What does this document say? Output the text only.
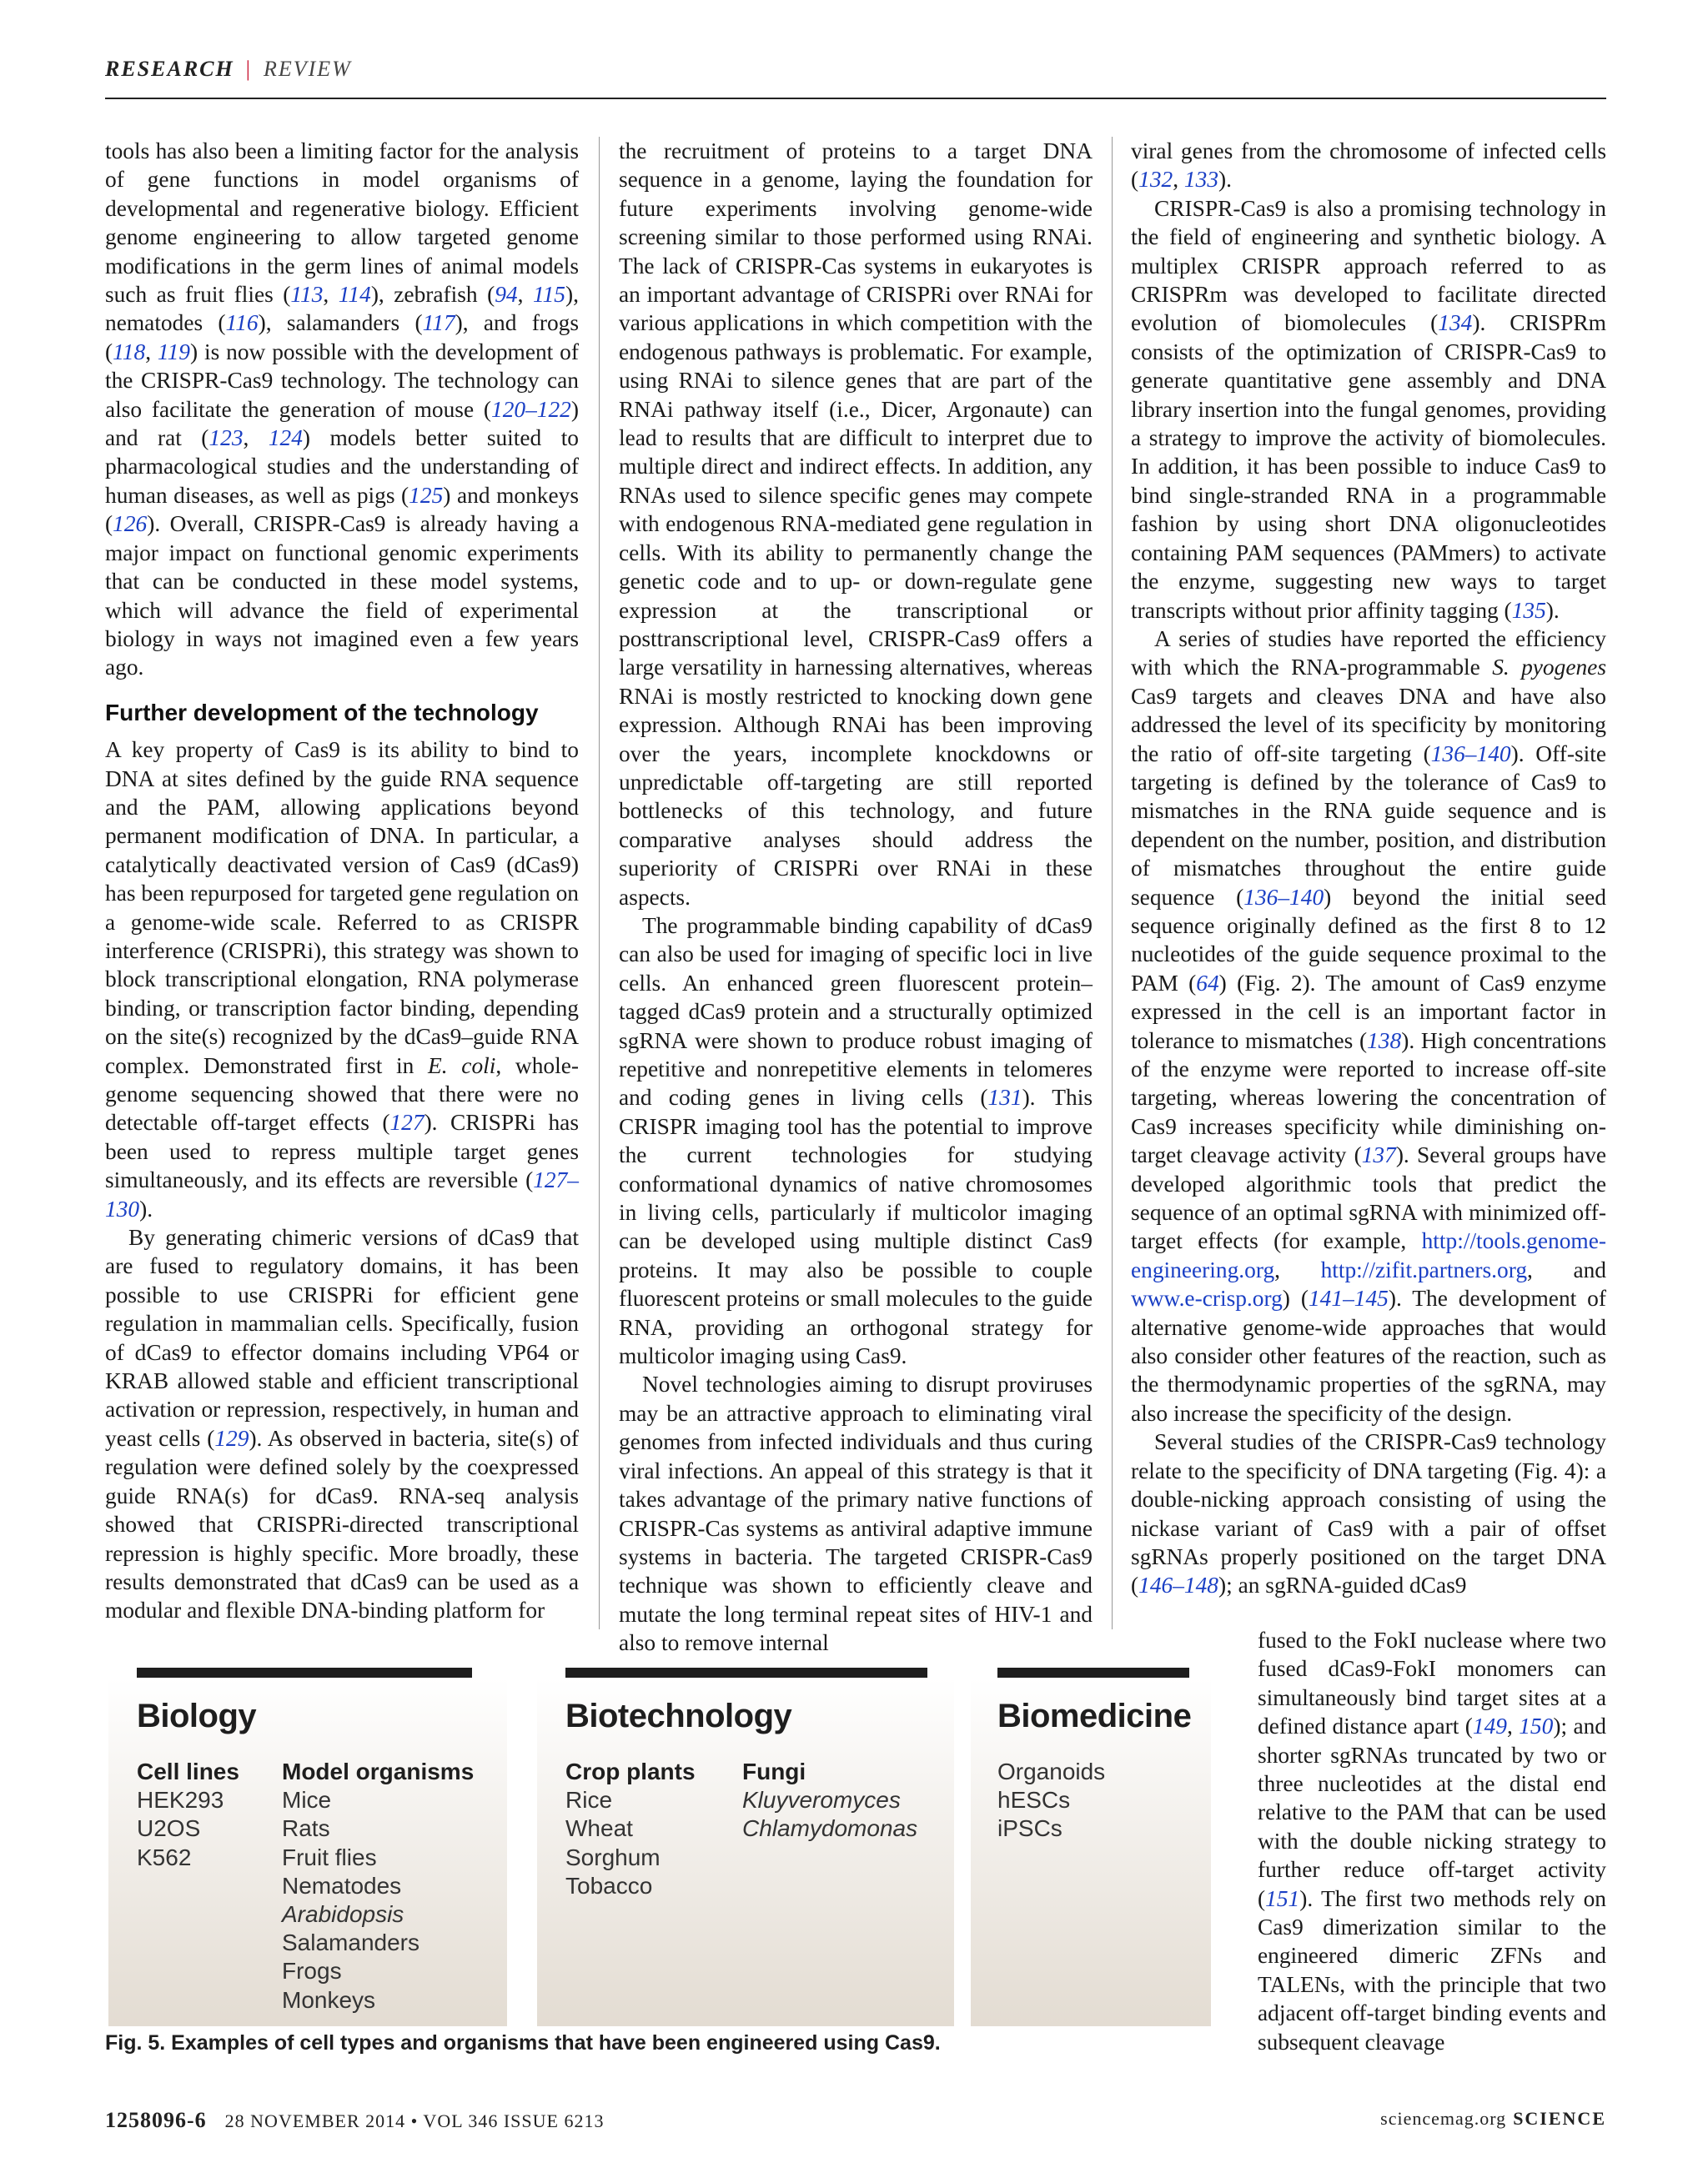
RESEARCH | REVIEW

tools has also been a limiting factor for the analysis of gene functions in model organisms of developmental and regenerative biology. Efficient genome engineering to allow targeted genome modifications in the germ lines of animal models such as fruit flies (113, 114), zebrafish (94, 115), nematodes (116), salamanders (117), and frogs (118, 119) is now possible with the development of the CRISPR-Cas9 technology. The technology can also facilitate the generation of mouse (120–122) and rat (123, 124) models better suited to pharmacological studies and the understanding of human diseases, as well as pigs (125) and monkeys (126). Overall, CRISPR-Cas9 is already having a major impact on functional genomic experiments that can be conducted in these model systems, which will advance the field of experimental biology in ways not imagined even a few years ago.

Further development of the technology

A key property of Cas9 is its ability to bind to DNA at sites defined by the guide RNA sequence and the PAM, allowing applications beyond permanent modification of DNA. In particular, a catalytically deactivated version of Cas9 (dCas9) has been repurposed for targeted gene regulation on a genome-wide scale. Referred to as CRISPR interference (CRISPRi), this strategy was shown to block transcriptional elongation, RNA polymerase binding, or transcription factor binding, depending on the site(s) recognized by the dCas9–guide RNA complex. Demonstrated first in E. coli, whole-genome sequencing showed that there were no detectable off-target effects (127). CRISPRi has been used to repress multiple target genes simultaneously, and its effects are reversible (127–130).

By generating chimeric versions of dCas9 that are fused to regulatory domains, it has been possible to use CRISPRi for efficient gene regulation in mammalian cells. Specifically, fusion of dCas9 to effector domains including VP64 or KRAB allowed stable and efficient transcriptional activation or repression, respectively, in human and yeast cells (129). As observed in bacteria, site(s) of regulation were defined solely by the coexpressed guide RNA(s) for dCas9. RNA-seq analysis showed that CRISPRi-directed transcriptional repression is highly specific. More broadly, these results demonstrated that dCas9 can be used as a modular and flexible DNA-binding platform for

the recruitment of proteins to a target DNA sequence in a genome, laying the foundation for future experiments involving genome-wide screening similar to those performed using RNAi. The lack of CRISPR-Cas systems in eukaryotes is an important advantage of CRISPRi over RNAi for various applications in which competition with the endogenous pathways is problematic. For example, using RNAi to silence genes that are part of the RNAi pathway itself (i.e., Dicer, Argonaute) can lead to results that are difficult to interpret due to multiple direct and indirect effects. In addition, any RNAs used to silence specific genes may compete with endogenous RNA-mediated gene regulation in cells. With its ability to permanently change the genetic code and to up- or down-regulate gene expression at the transcriptional or posttranscriptional level, CRISPR-Cas9 offers a large versatility in harnessing alternatives, whereas RNAi is mostly restricted to knocking down gene expression. Although RNAi has been improving over the years, incomplete knockdowns or unpredictable off-targeting are still reported bottlenecks of this technology, and future comparative analyses should address the superiority of CRISPRi over RNAi in these aspects.

The programmable binding capability of dCas9 can also be used for imaging of specific loci in live cells. An enhanced green fluorescent protein–tagged dCas9 protein and a structurally optimized sgRNA were shown to produce robust imaging of repetitive and nonrepetitive elements in telomeres and coding genes in living cells (131). This CRISPR imaging tool has the potential to improve the current technologies for studying conformational dynamics of native chromosomes in living cells, particularly if multicolor imaging can be developed using multiple distinct Cas9 proteins. It may also be possible to couple fluorescent proteins or small molecules to the guide RNA, providing an orthogonal strategy for multicolor imaging using Cas9.

Novel technologies aiming to disrupt proviruses may be an attractive approach to eliminating viral genomes from infected individuals and thus curing viral infections. An appeal of this strategy is that it takes advantage of the primary native functions of CRISPR-Cas systems as antiviral adaptive immune systems in bacteria. The targeted CRISPR-Cas9 technique was shown to efficiently cleave and mutate the long terminal repeat sites of HIV-1 and also to remove internal

viral genes from the chromosome of infected cells (132, 133).

CRISPR-Cas9 is also a promising technology in the field of engineering and synthetic biology. A multiplex CRISPR approach referred to as CRISPRm was developed to facilitate directed evolution of biomolecules (134). CRISPRm consists of the optimization of CRISPR-Cas9 to generate quantitative gene assembly and DNA library insertion into the fungal genomes, providing a strategy to improve the activity of biomolecules. In addition, it has been possible to induce Cas9 to bind single-stranded RNA in a programmable fashion by using short DNA oligonucleotides containing PAM sequences (PAMmers) to activate the enzyme, suggesting new ways to target transcripts without prior affinity tagging (135).

A series of studies have reported the efficiency with which the RNA-programmable S. pyogenes Cas9 targets and cleaves DNA and have also addressed the level of its specificity by monitoring the ratio of off-site targeting (136–140). Off-site targeting is defined by the tolerance of Cas9 to mismatches in the RNA guide sequence and is dependent on the number, position, and distribution of mismatches throughout the entire guide sequence (136–140) beyond the initial seed sequence originally defined as the first 8 to 12 nucleotides of the guide sequence proximal to the PAM (64) (Fig. 2). The amount of Cas9 enzyme expressed in the cell is an important factor in tolerance to mismatches (138). High concentrations of the enzyme were reported to increase off-site targeting, whereas lowering the concentration of Cas9 increases specificity while diminishing on-target cleavage activity (137). Several groups have developed algorithmic tools that predict the sequence of an optimal sgRNA with minimized off-target effects (for example, http://tools.genome-engineering.org, http://zifit.partners.org, and www.e-crisp.org) (141–145). The development of alternative genome-wide approaches that would also consider other features of the reaction, such as the thermodynamic properties of the sgRNA, may also increase the specificity of the design.

Several studies of the CRISPR-Cas9 technology relate to the specificity of DNA targeting (Fig. 4): a double-nicking approach consisting of using the nickase variant of Cas9 with a pair of offset sgRNAs properly positioned on the target DNA (146–148); an sgRNA-guided dCas9

fused to the FokI nuclease where two fused dCas9-FokI monomers can simultaneously bind target sites at a defined distance apart (149, 150); and shorter sgRNAs truncated by two or three nucleotides at the distal end relative to the PAM that can be used with the double nicking strategy to further reduce off-target activity (151). The first two methods rely on Cas9 dimerization similar to the engineered dimeric ZFNs and TALENs, with the principle that two adjacent off-target binding events and subsequent cleavage
Biology	Biotechnology	Biomedicine
Cell lines
HEK293
U2OS
K562
Model organisms
Mice
Rats
Fruit flies
Nematodes
Arabidopsis
Salamanders
Frogs
Monkeys
Crop plants
Rice
Wheat
Sorghum
Tobacco
Fungi
Kluyveromyces
Chlamydomonas
Organoids
hESCs
iPSCs
Fig. 5. Examples of cell types and organisms that have been engineered using Cas9.
1258096-6 28 NOVEMBER 2014 • VOL 346 ISSUE 6213	sciencemag.org SCIENCE
